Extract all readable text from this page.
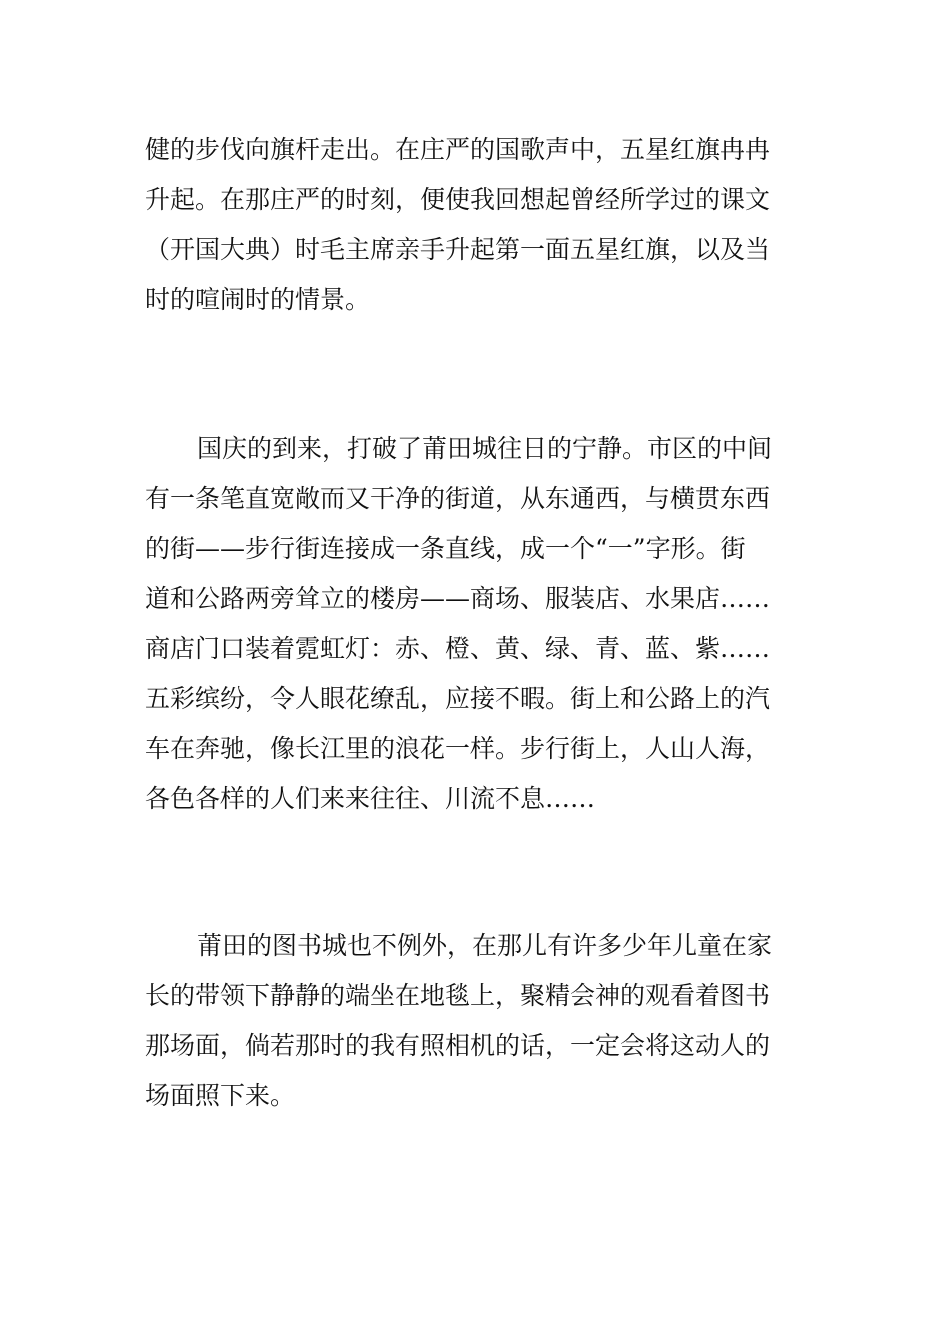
健的步伐向旗杆走出。在庄严的国歌声中，五星红旗冉冉
升起。在那庄严的时刻，便使我回想起曾经所学过的课文
（开国大典）时毛主席亲手升起第一面五星红旗，以及当
时的喧闹时的情景。
国庆的到来，打破了莆田城往日的宁静。市区的中间
有一条笔直宽敞而又干净的街道，从东通西，与横贯东西
的街——步行街连接成一条直线，成一个“一”字形。街
道和公路两旁耸立的楼房——商场、服装店、水果店……
商店门口装着霓虹灯：赤、橙、黄、绿、青、蓝、紫……
五彩缤纷，令人眼花缭乱，应接不暇。街上和公路上的汽
车在奔驰，像长江里的浪花一样。步行街上，人山人海，
各色各样的人们来来往往、川流不息……
莆田的图书城也不例外，在那儿有许多少年儿童在家
长的带领下静静的端坐在地毯上，聚精会神的观看着图书
那场面，倘若那时的我有照相机的话，一定会将这动人的
场面照下来。
